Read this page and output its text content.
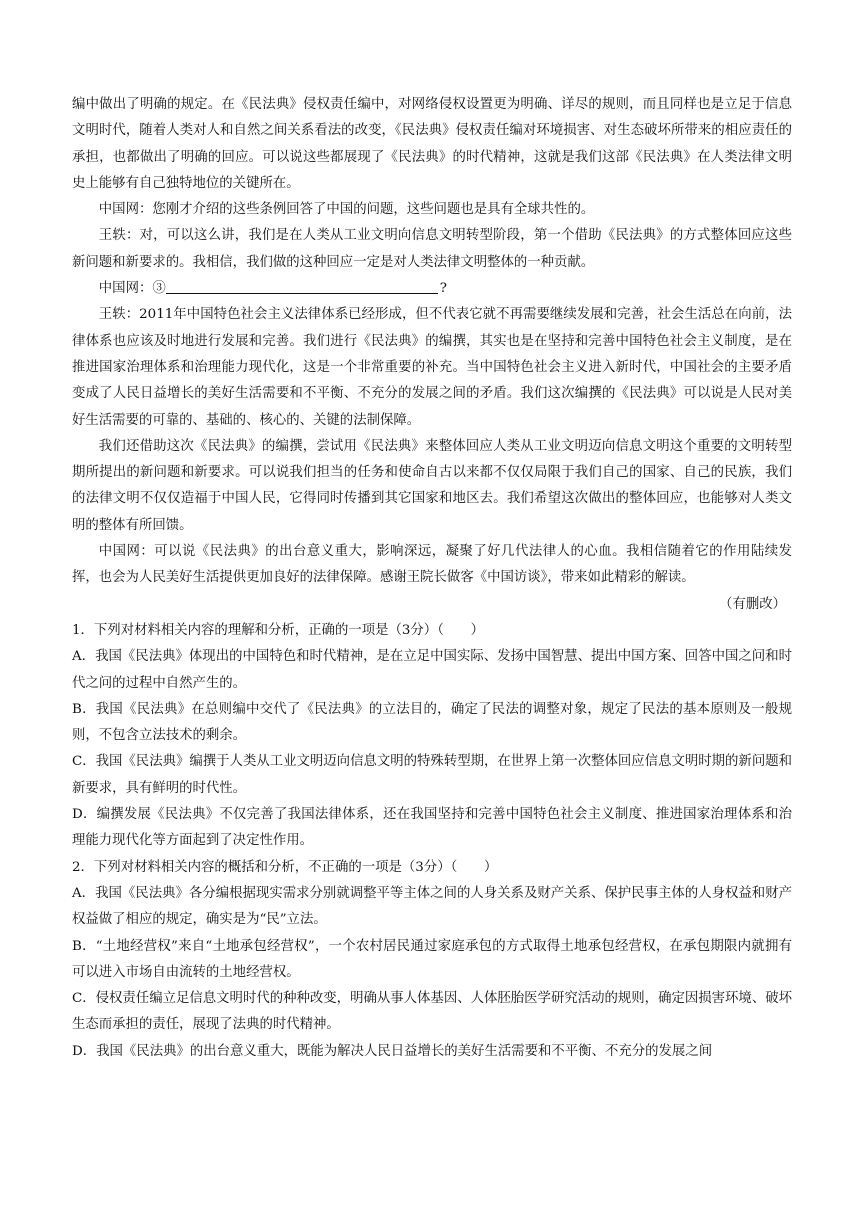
编中做出了明确的规定。在《民法典》侵权责任编中，对网络侵权设置更为明确、详尽的规则，而且同样也是立足于信息文明时代，随着人类对人和自然之间关系看法的改变，《民法典》侵权责任编对环境损害、对生态破坏所带来的相应责任的承担，也都做出了明确的回应。可以说这些都展现了《民法典》的时代精神，这就是我们这部《民法典》在人类法律文明史上能够有自己独特地位的关键所在。

中国网：您刚才介绍的这些条例回答了中国的问题，这些问题也是具有全球共性的。

王轶：对，可以这么讲，我们是在人类从工业文明向信息文明转型阶段，第一个借助《民法典》的方式整体回应这些新问题和新要求的。我相信，我们做的这种回应一定是对人类法律文明整体的一种贡献。

中国网：③	?

王轶：2011年中国特色社会主义法律体系已经形成，但不代表它就不再需要继续发展和完善，社会生活总在向前，法律体系也应该及时地进行发展和完善。我们进行《民法典》的编撰，其实也是在坚持和完善中国特色社会主义制度，是在推进国家治理体系和治理能力现代化，这是一个非常重要的补充。当中国特色社会主义进入新时代，中国社会的主要矛盾变成了人民日益增长的美好生活需要和不平衡、不充分的发展之间的矛盾。我们这次编撰的《民法典》可以说是人民对美好生活需要的可靠的、基础的、核心的、关键的法制保障。

我们还借助这次《民法典》的编撰，尝试用《民法典》来整体回应人类从工业文明迈向信息文明这个重要的文明转型期所提出的新问题和新要求。可以说我们担当的任务和使命自古以来都不仅仅局限于我们自己的国家、自己的民族，我们的法律文明不仅仅造福于中国人民，它得同时传播到其它国家和地区去。我们希望这次做出的整体回应，也能够对人类文明的整体有所回馈。

中国网：可以说《民法典》的出台意义重大，影响深远，凝聚了好几代法律人的心血。我相信随着它的作用陆续发挥，也会为人民美好生活提供更加良好的法律保障。感谢王院长做客《中国访谈》，带来如此精彩的解读。

（有删改）

1．下列对材料相关内容的理解和分析，正确的一项是（3分）（　　）

A．我国《民法典》体现出的中国特色和时代精神，是在立足中国实际、发扬中国智慧、提出中国方案、回答中国之问和时代之问的过程中自然产生的。

B．我国《民法典》在总则编中交代了《民法典》的立法目的，确定了民法的调整对象，规定了民法的基本原则及一般规则，不包含立法技术的剩余。

C．我国《民法典》编撰于人类从工业文明迈向信息文明的特殊转型期，在世界上第一次整体回应信息文明时期的新问题和新要求，具有鲜明的时代性。

D．编撰发展《民法典》不仅完善了我国法律体系，还在我国坚持和完善中国特色社会主义制度、推进国家治理体系和治理能力现代化等方面起到了决定性作用。

2．下列对材料相关内容的概括和分析，不正确的一项是（3分）（　　）

A．我国《民法典》各分编根据现实需求分别就调整平等主体之间的人身关系及财产关系、保护民事主体的人身权益和财产权益做了相应的规定，确实是为“民”立法。

B．“土地经营权”来自“土地承包经营权”，一个农村居民通过家庭承包的方式取得土地承包经营权，在承包期限内就拥有可以进入市场自由流转的土地经营权。

C．侵权责任编立足信息文明时代的种种改变，明确从事人体基因、人体胚胎医学研究活动的规则，确定因损害环境、破坏生态而承担的责任，展现了法典的时代精神。

D．我国《民法典》的出台意义重大，既能为解决人民日益增长的美好生活需要和不平衡、不充分的发展之间
